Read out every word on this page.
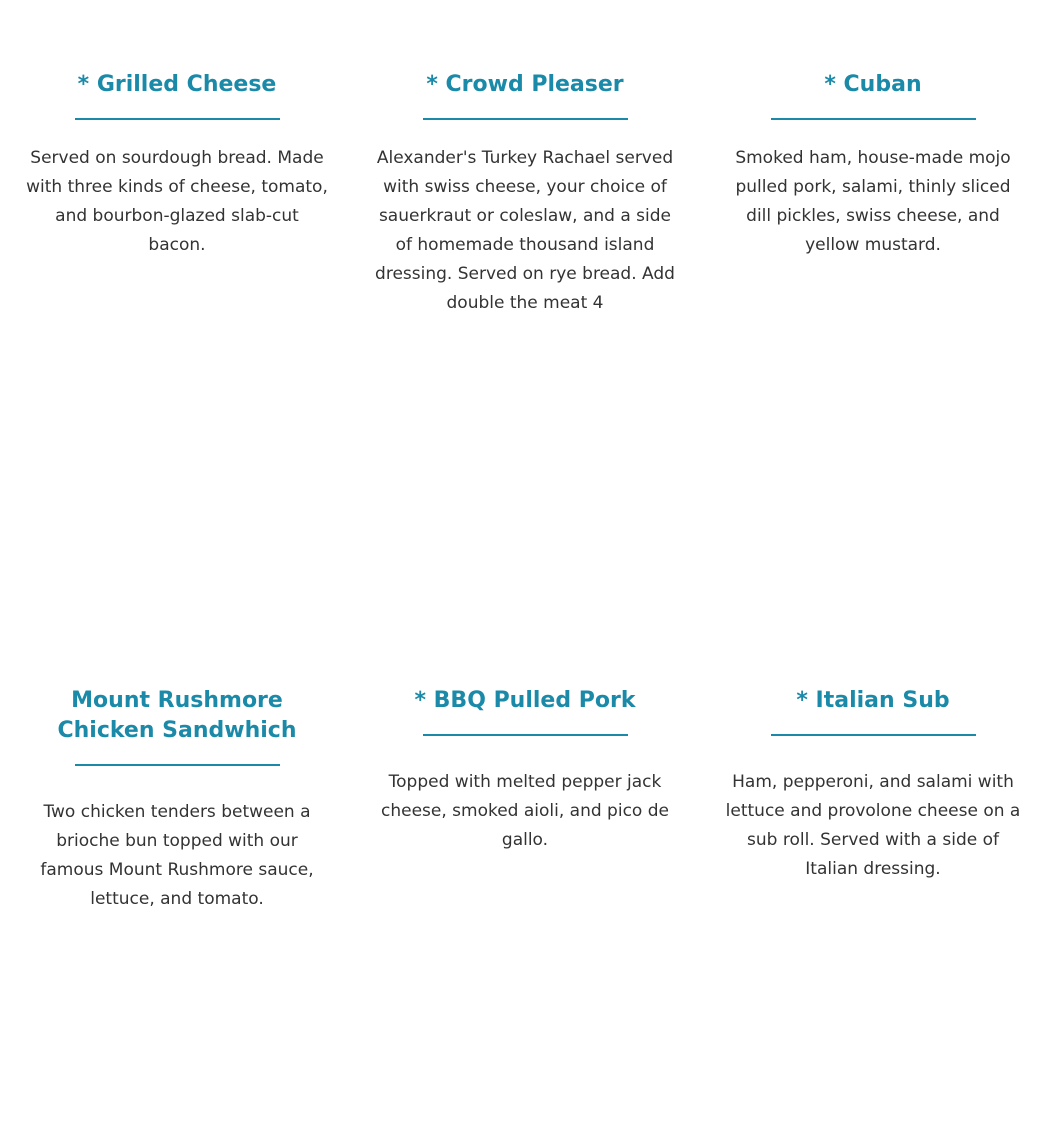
* Grilled Cheese

Served on sourdough bread. Made with three kinds of cheese, tomato, and bourbon-glazed slab-cut bacon.

* Crowd Pleaser

Alexander's Turkey Rachael served with swiss cheese, your choice of sauerkraut or coleslaw, and a side of homemade thousand island dressing. Served on rye bread. Add double the meat 4

* Cuban

Smoked ham, house-made mojo pulled pork, salami, thinly sliced dill pickles, swiss cheese, and yellow mustard.

Mount Rushmore Chicken Sandwhich

Two chicken tenders between a brioche bun topped with our famous Mount Rushmore sauce, lettuce, and tomato.

* BBQ Pulled Pork

Topped with melted pepper jack cheese, smoked aioli, and pico de gallo.

* Italian Sub

Ham, pepperoni, and salami with lettuce and provolone cheese on a sub roll. Served with a side of Italian dressing.
